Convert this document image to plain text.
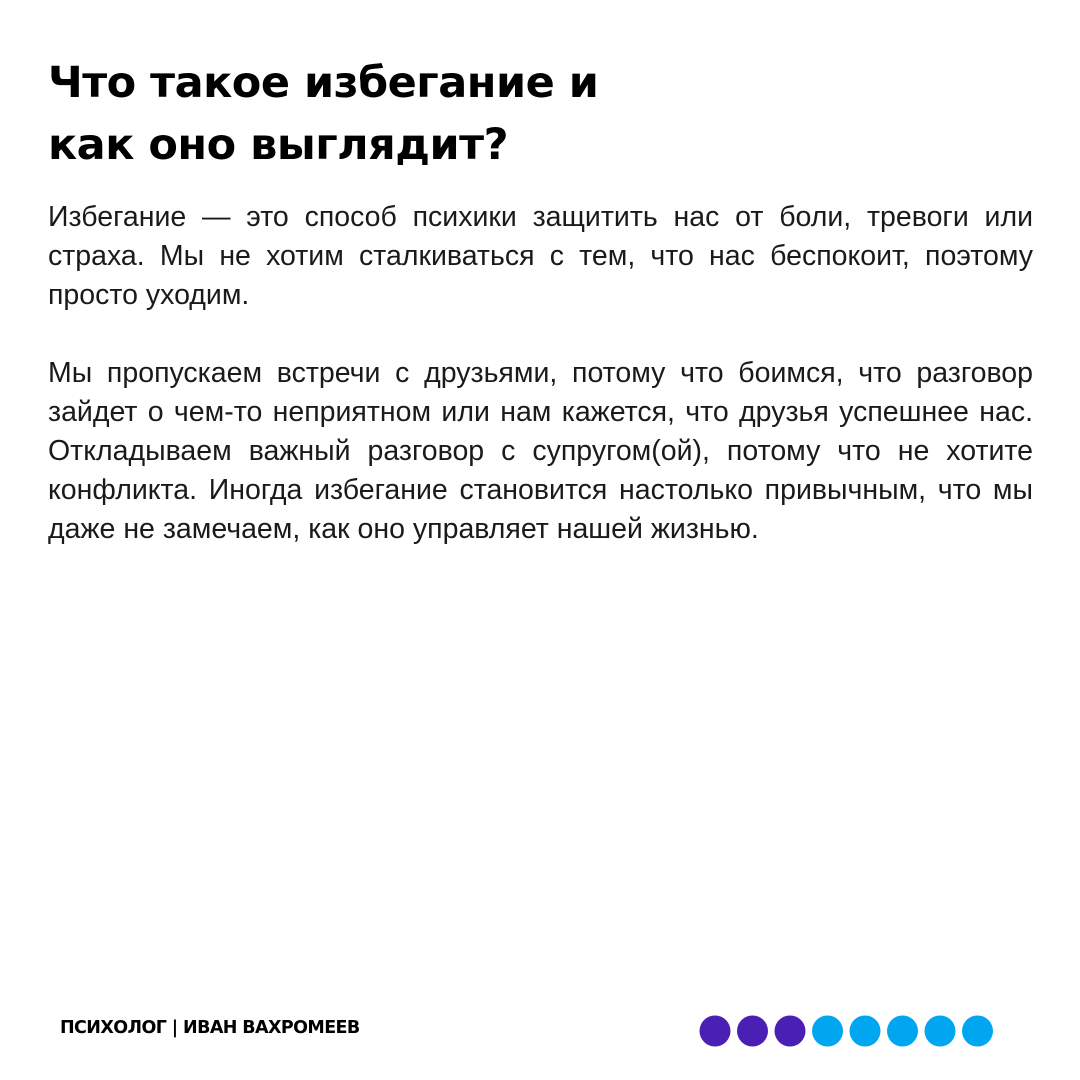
Что такое избегание и
как оно выглядит?

Избегание — это способ психики защитить нас от боли, тревоги или страха. Мы не хотим сталкиваться с тем, что нас беспокоит, поэтому просто уходим.

Мы пропускаем встречи с друзьями, потому что боимся, что разговор зайдет о чем-то неприятном или нам кажется, что друзья успешнее нас. Откладываем важный разговор с супругом(ой), потому что не хотите конфликта. Иногда избегание становится настолько привычным, что мы даже не замечаем, как оно управляет нашей жизнью.

ПСИХОЛОГ | ИВАН ВАХРОМЕЕВ
